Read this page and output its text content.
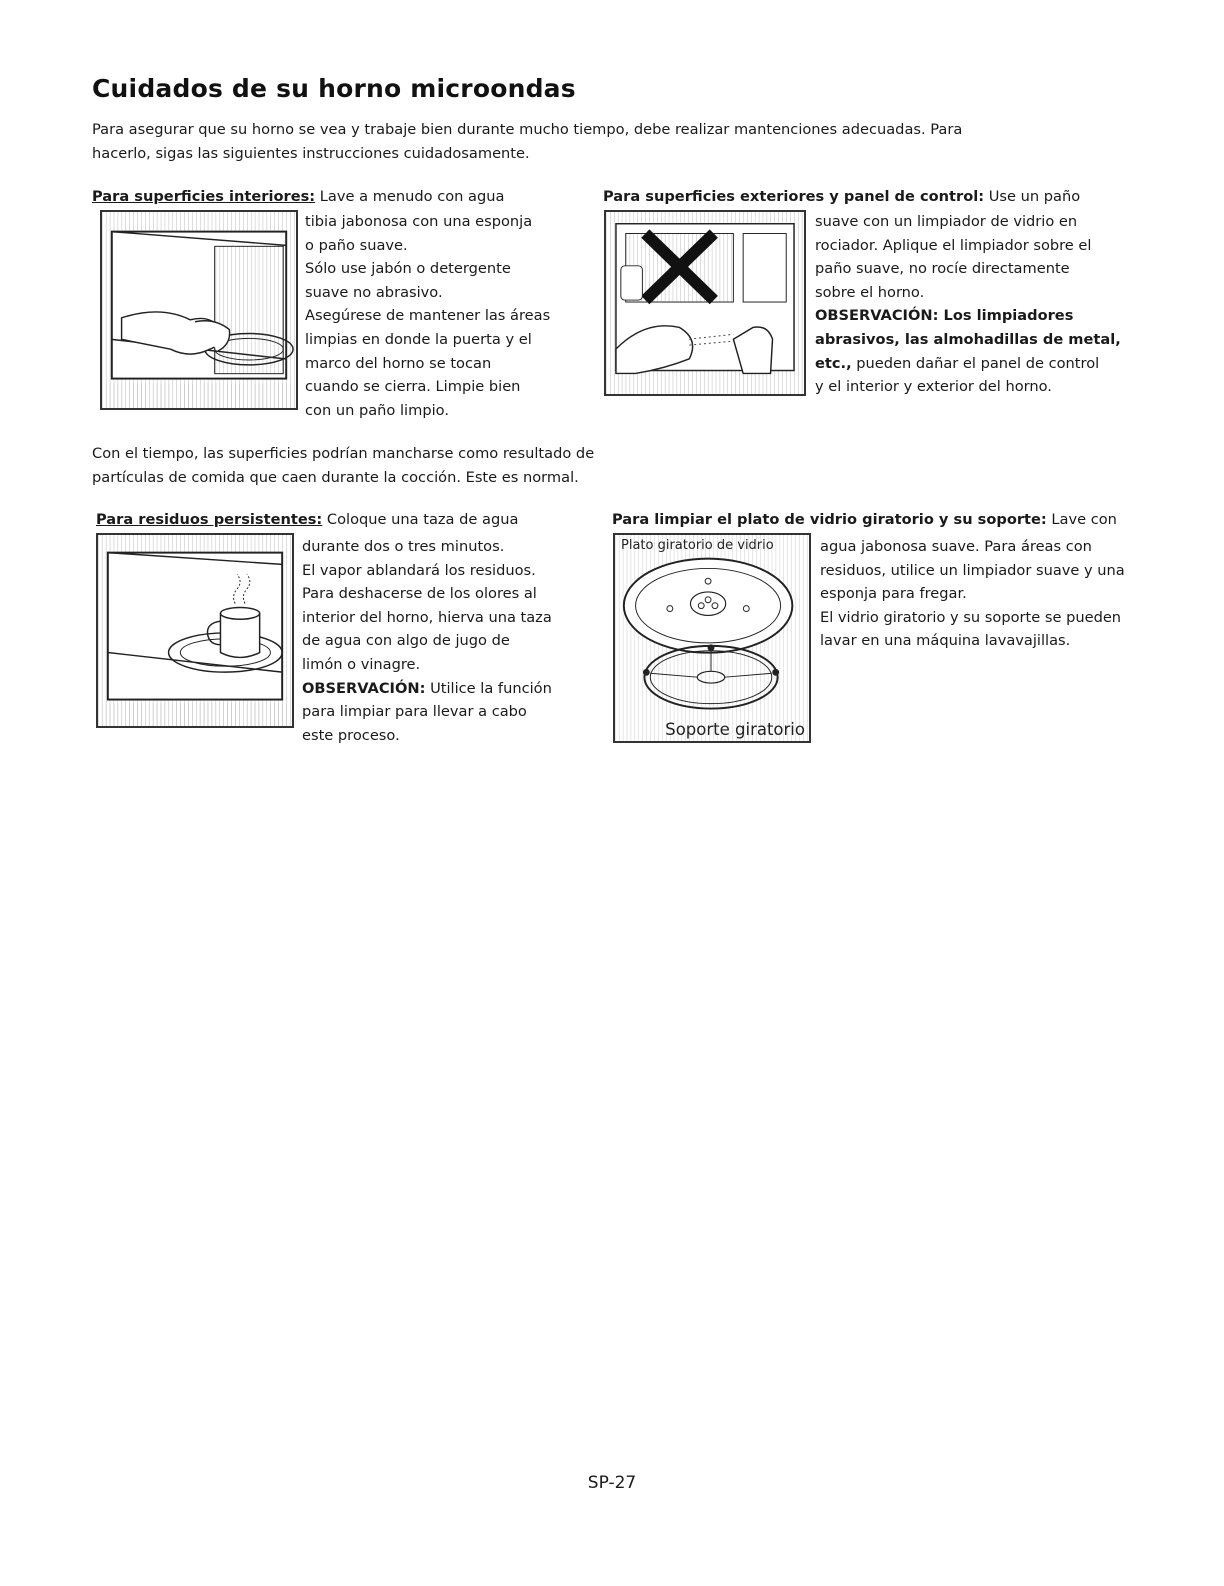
Cuidados de su horno microondas
Para asegurar que su horno se vea y trabaje bien durante mucho tiempo, debe realizar mantenciones adecuadas. Para
hacerlo, sigas las siguientes instrucciones cuidadosamente.
Para superficies interiores: Lave a menudo con agua
tibia jabonosa con una esponja
o paño suave.
Sólo use jabón o detergente
suave no abrasivo.
Asegúrese de mantener las áreas
limpias en donde la puerta y el
marco del horno se tocan
cuando se cierra. Limpie bien
con un paño limpio.
Para superficies exteriores y panel de control: Use un paño
suave con un limpiador de vidrio en
rociador. Aplique el limpiador sobre el
paño suave, no rocíe directamente
sobre el horno.
OBSERVACIÓN: Los limpiadores
abrasivos, las almohadillas de metal,
etc., pueden dañar el panel de control
y el interior y exterior del horno.
Con el tiempo, las superficies podrían mancharse como resultado de
partículas de comida que caen durante la cocción. Este es normal.
Para residuos persistentes: Coloque una taza de agua
durante dos o tres minutos.
El vapor ablandará los residuos.
Para deshacerse de los olores al
interior del horno, hierva una taza
de agua con algo de jugo de
limón o vinagre.
OBSERVACIÓN: Utilice la función
para limpiar para llevar a cabo
este proceso.
Para limpiar el plato de vidrio giratorio y su soporte: Lave con
Plato giratorio de vidrio
Soporte giratorio
agua jabonosa suave. Para áreas con
residuos, utilice un limpiador suave y una
esponja para fregar.
El vidrio giratorio y su soporte se pueden
lavar en una máquina lavavajillas.
SP-27
